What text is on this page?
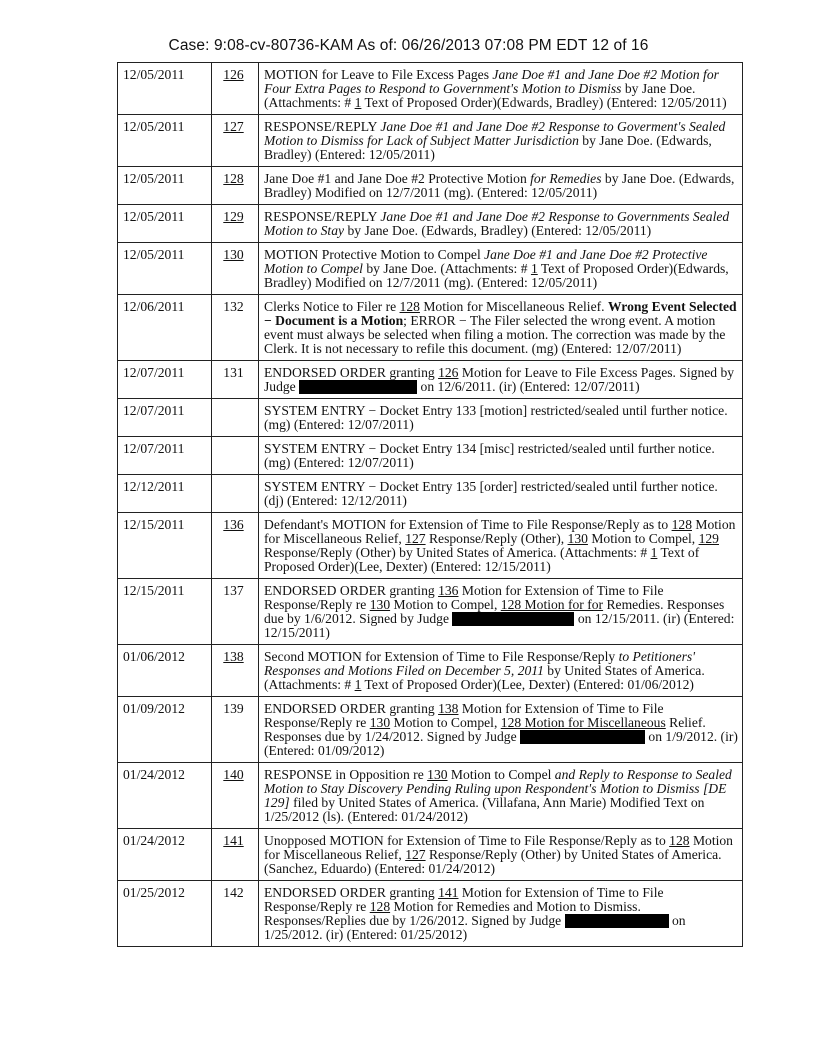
Case: 9:08-cv-80736-KAM As of: 06/26/2013 07:08 PM EDT 12 of 16
12/05/2011	126	MOTION for Leave to File Excess Pages Jane Doe #1 and Jane Doe #2 Motion for Four Extra Pages to Respond to Government's Motion to Dismiss by Jane Doe. (Attachments: # 1 Text of Proposed Order)(Edwards, Bradley) (Entered: 12/05/2011)
12/05/2011	127	RESPONSE/REPLY Jane Doe #1 and Jane Doe #2 Response to Goverment's Sealed Motion to Dismiss for Lack of Subject Matter Jurisdiction by Jane Doe. (Edwards, Bradley) (Entered: 12/05/2011)
12/05/2011	128	Jane Doe #1 and Jane Doe #2 Protective Motion for Remedies by Jane Doe. (Edwards, Bradley) Modified on 12/7/2011 (mg). (Entered: 12/05/2011)
12/05/2011	129	RESPONSE/REPLY Jane Doe #1 and Jane Doe #2 Response to Governments Sealed Motion to Stay by Jane Doe. (Edwards, Bradley) (Entered: 12/05/2011)
12/05/2011	130	MOTION Protective Motion to Compel Jane Doe #1 and Jane Doe #2 Protective Motion to Compel by Jane Doe. (Attachments: # 1 Text of Proposed Order)(Edwards, Bradley) Modified on 12/7/2011 (mg). (Entered: 12/05/2011)
12/06/2011	132	Clerks Notice to Filer re 128 Motion for Miscellaneous Relief. Wrong Event Selected − Document is a Motion; ERROR − The Filer selected the wrong event. A motion event must always be selected when filing a motion. The correction was made by the Clerk. It is not necessary to refile this document. (mg) (Entered: 12/07/2011)
12/07/2011	131	ENDORSED ORDER granting 126 Motion for Leave to File Excess Pages. Signed by Judge on 12/6/2011. (ir) (Entered: 12/07/2011)
12/07/2011		SYSTEM ENTRY − Docket Entry 133 [motion] restricted/sealed until further notice. (mg) (Entered: 12/07/2011)
12/07/2011		SYSTEM ENTRY − Docket Entry 134 [misc] restricted/sealed until further notice. (mg) (Entered: 12/07/2011)
12/12/2011		SYSTEM ENTRY − Docket Entry 135 [order] restricted/sealed until further notice. (dj) (Entered: 12/12/2011)
12/15/2011	136	Defendant's MOTION for Extension of Time to File Response/Reply as to 128 Motion for Miscellaneous Relief, 127 Response/Reply (Other), 130 Motion to Compel, 129 Response/Reply (Other) by United States of America. (Attachments: # 1 Text of Proposed Order)(Lee, Dexter) (Entered: 12/15/2011)
12/15/2011	137	ENDORSED ORDER granting 136 Motion for Extension of Time to File Response/Reply re 130 Motion to Compel, 128 Motion for for Remedies. Responses due by 1/6/2012. Signed by Judge on 12/15/2011. (ir) (Entered: 12/15/2011)
01/06/2012	138	Second MOTION for Extension of Time to File Response/Reply to Petitioners' Responses and Motions Filed on December 5, 2011 by United States of America. (Attachments: # 1 Text of Proposed Order)(Lee, Dexter) (Entered: 01/06/2012)
01/09/2012	139	ENDORSED ORDER granting 138 Motion for Extension of Time to File Response/Reply re 130 Motion to Compel, 128 Motion for Miscellaneous Relief. Responses due by 1/24/2012. Signed by Judge on 1/9/2012. (ir) (Entered: 01/09/2012)
01/24/2012	140	RESPONSE in Opposition re 130 Motion to Compel and Reply to Response to Sealed Motion to Stay Discovery Pending Ruling upon Respondent's Motion to Dismiss [DE 129] filed by United States of America. (Villafana, Ann Marie) Modified Text on 1/25/2012 (ls). (Entered: 01/24/2012)
01/24/2012	141	Unopposed MOTION for Extension of Time to File Response/Reply as to 128 Motion for Miscellaneous Relief, 127 Response/Reply (Other) by United States of America. (Sanchez, Eduardo) (Entered: 01/24/2012)
01/25/2012	142	ENDORSED ORDER granting 141 Motion for Extension of Time to File Response/Reply re 128 Motion for Remedies and Motion to Dismiss. Responses/Replies due by 1/26/2012. Signed by Judge on 1/25/2012. (ir) (Entered: 01/25/2012)
